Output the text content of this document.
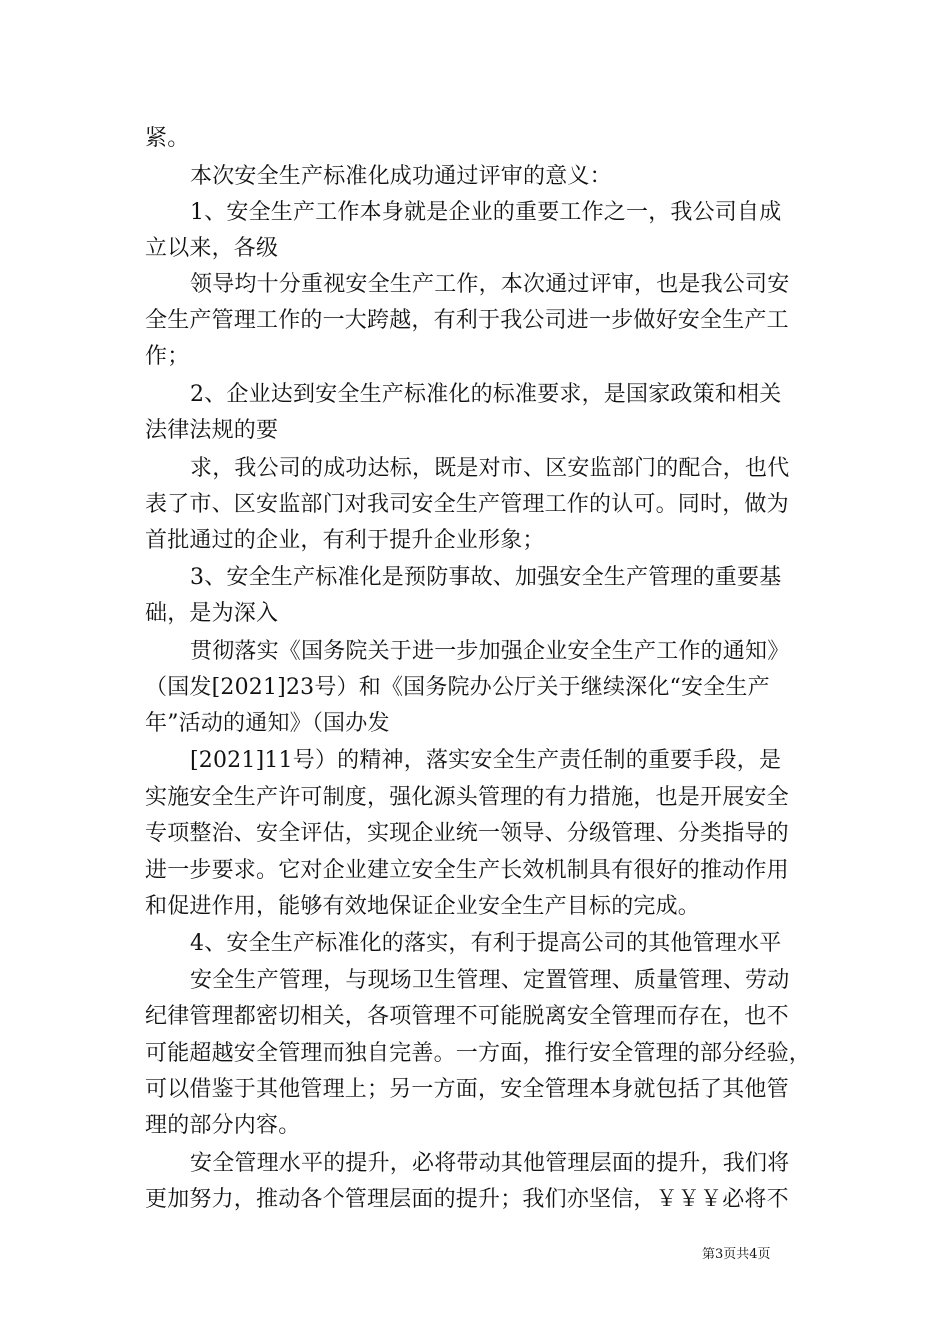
紧。
本次安全生产标准化成功通过评审的意义：
1、安全生产工作本身就是企业的重要工作之一，我公司自成
立以来，各级
领导均十分重视安全生产工作，本次通过评审，也是我公司安
全生产管理工作的一大跨越，有利于我公司进一步做好安全生产工
作；
2、企业达到安全生产标准化的标准要求，是国家政策和相关
法律法规的要
求，我公司的成功达标，既是对市、区安监部门的配合，也代
表了市、区安监部门对我司安全生产管理工作的认可。同时，做为
首批通过的企业，有利于提升企业形象；
3、安全生产标准化是预防事故、加强安全生产管理的重要基
础，是为深入
贯彻落实《国务院关于进一步加强企业安全生产工作的通知》
（国发[2021]23号）和《国务院办公厅关于继续深化“安全生产
年”活动的通知》（国办发
[2021]11号）的精神，落实安全生产责任制的重要手段，是
实施安全生产许可制度，强化源头管理的有力措施，也是开展安全
专项整治、安全评估，实现企业统一领导、分级管理、分类指导的
进一步要求。它对企业建立安全生产长效机制具有很好的推动作用
和促进作用，能够有效地保证企业安全生产目标的完成。
4、安全生产标准化的落实，有利于提高公司的其他管理水平
安全生产管理，与现场卫生管理、定置管理、质量管理、劳动
纪律管理都密切相关，各项管理不可能脱离安全管理而存在，也不
可能超越安全管理而独自完善。一方面，推行安全管理的部分经验，
可以借鉴于其他管理上；另一方面，安全管理本身就包括了其他管
理的部分内容。
安全管理水平的提升，必将带动其他管理层面的提升，我们将
更加努力，推动各个管理层面的提升；我们亦坚信，￥￥￥必将不
第3页共4页
